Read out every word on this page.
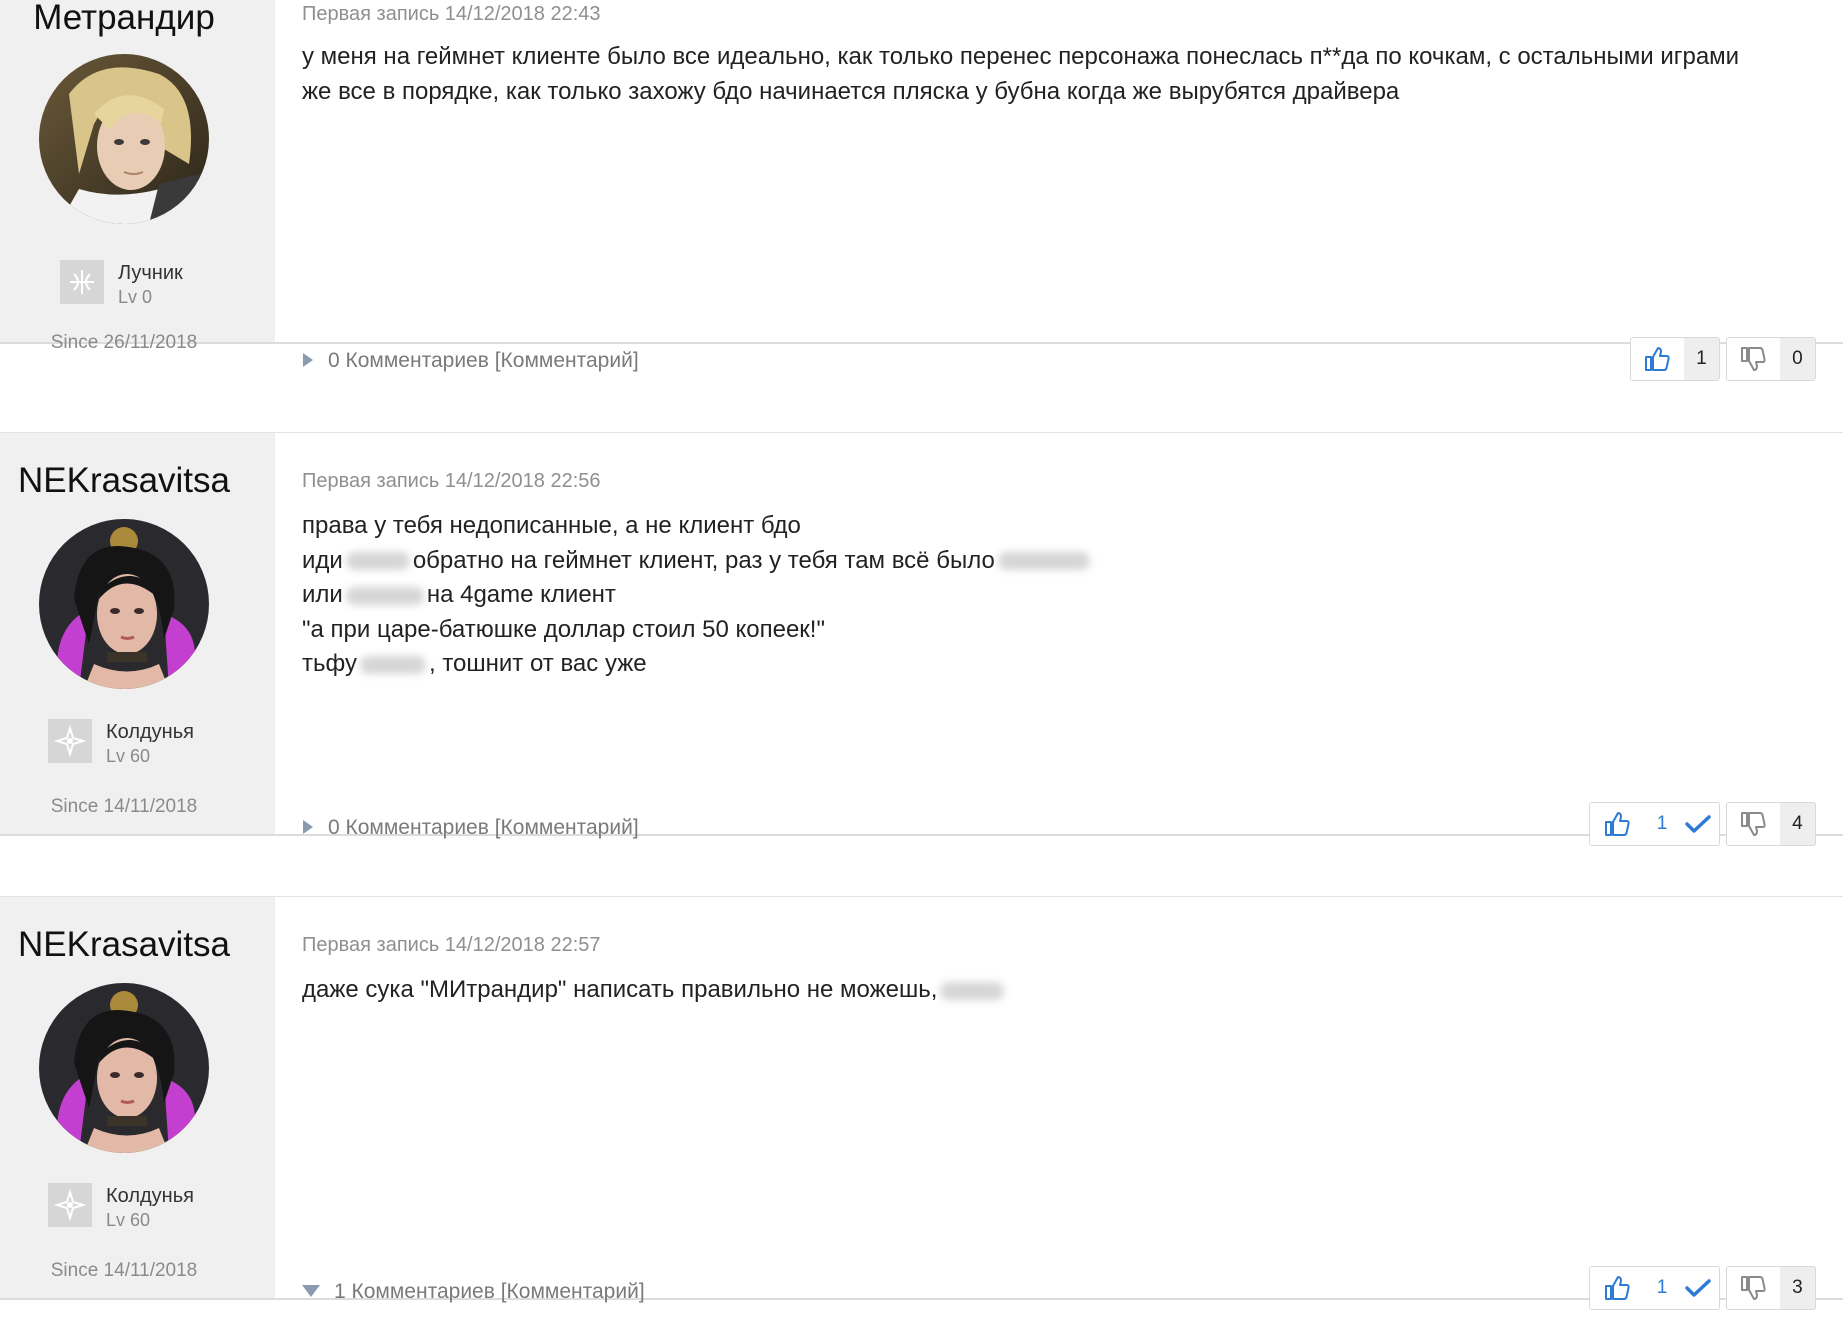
Метрандир
Лучник
Lv 0
Since 26/11/2018
Первая запись 14/12/2018 22:43
у меня на геймнет клиенте было все идеально, как только перенес персонажа понеслась п**да по кочкам, с остальными играми
же все в порядке, как только захожу бдо начинается пляска у бубна когда же вырубятся драйвера
0 Комментариев [Комментарий]	1	0
NEKrasavitsa
Колдунья
Lv 60
Since 14/11/2018
Первая запись 14/12/2018 22:56
права у тебя недописанные, а не клиент бдо
иди	обратно на геймнет клиент, раз у тебя там всё было
или	на 4game клиент
"а при царе-батюшке доллар стоил 50 копеек!"
тьфу	, тошнит от вас уже
0 Комментариев [Комментарий]	1	4
NEKrasavitsa
Колдунья
Lv 60
Since 14/11/2018
Первая запись 14/12/2018 22:57
даже сука "МИтрандир" написать правильно не можешь,
1 Комментариев [Комментарий]	1	3
